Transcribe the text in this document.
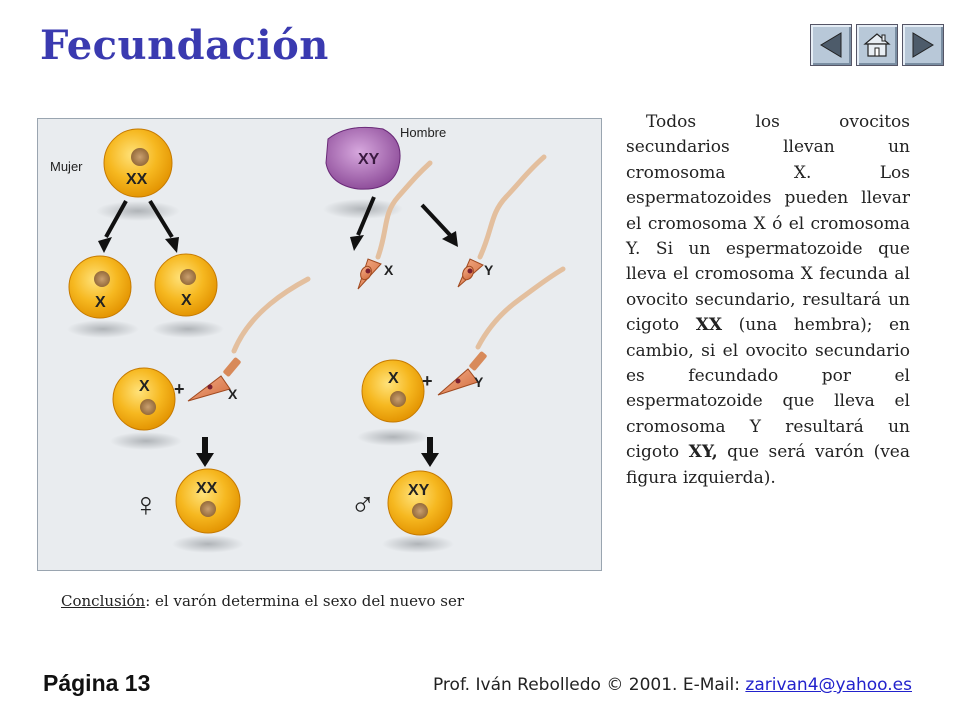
Fecundación
Mujer
Hombre
XX
XY
X	X
X	Y
X +	X
X +	Y
XX
♀	XY
♂
Todos los ovocitos secundarios llevan un cromosoma X. Los espermatozoides pueden llevar el cromosoma X ó el cromosoma Y. Si un espermatozoide que lleva el cromosoma X fecunda al ovocito secundario, resultará un cigoto XX (una hembra); en cambio, si el ovocito secundario es fecundado por el espermatozoide que lleva el cromosoma Y resultará un cigoto XY, que será varón (vea figura izquierda).
Conclusión: el varón determina el sexo del nuevo ser
Página 13	Prof. Iván Rebolledo © 2001. E-Mail: zarivan4@yahoo.es
